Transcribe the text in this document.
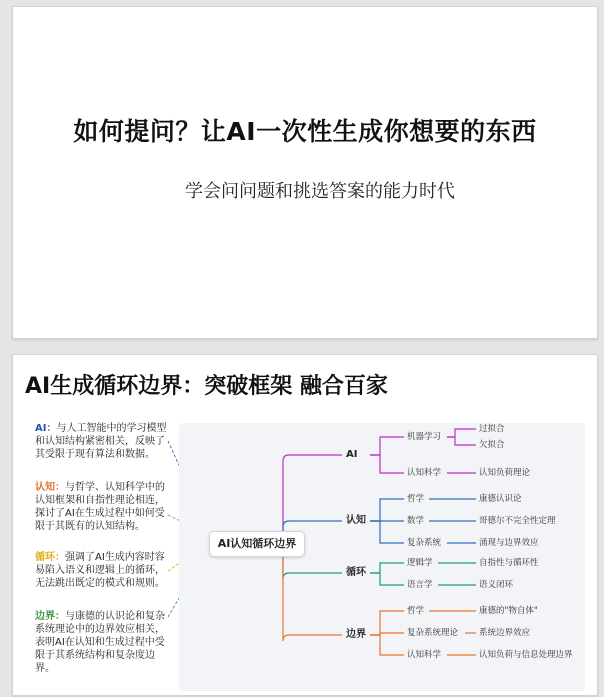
如何提问？让AI一次性生成你想要的东西
学会问问题和挑选答案的能力时代
AI生成循环边界：突破框架 融合百家
AI：与人工智能中的学习模型和认知结构紧密相关，反映了其受限于现有算法和数据。
认知：与哲学、认知科学中的认知框架和自指性理论相连，探讨了AI在生成过程中如何受限于其既有的认知结构。
循环：强调了AI生成内容时容易陷入语义和逻辑上的循环，无法跳出既定的模式和规则。
边界：与康德的认识论和复杂系统理论中的边界效应相关，表明AI在认知和生成过程中受限于其系统结构和复杂度边界。
AI认知循环边界
AI
机器学习
过拟合
欠拟合
认知科学	认知负荷理论
认知
哲学	康德认识论
数学	哥德尔不完全性定理
复杂系统	涌现与边界效应
循环
逻辑学	自指性与循环性
语言学	语义闭环
边界
哲学	康德的"物自体"
复杂系统理论 系统边界效应
认知科学	认知负荷与信息处理边界
